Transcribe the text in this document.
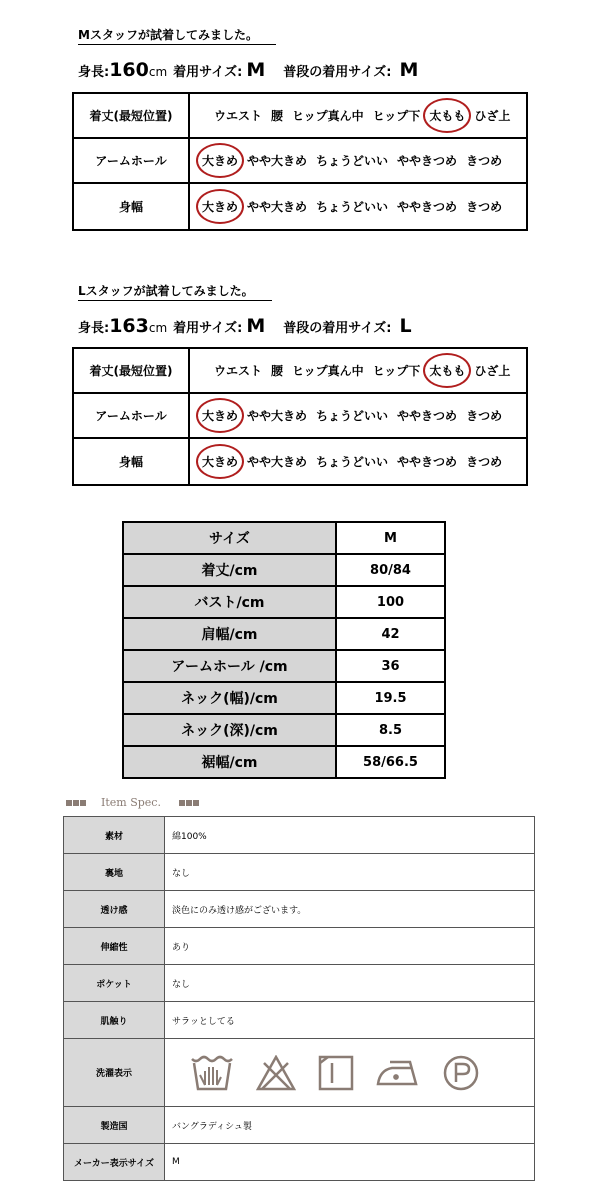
Mスタッフが試着してみました。
身長:160cm 着用サイズ: M 普段の着用サイズ: M
着丈(最短位置)	ウエスト 腰 ヒップ真ん中 ヒップ下 太もも ひざ上
アームホール	大きめ やや大きめ ちょうどいい ややきつめ きつめ
身幅	大きめ やや大きめ ちょうどいい ややきつめ きつめ
Lスタッフが試着してみました。
身長:163cm 着用サイズ: M 普段の着用サイズ: L
着丈(最短位置)	ウエスト 腰 ヒップ真ん中 ヒップ下 太もも ひざ上
アームホール	大きめ やや大きめ ちょうどいい ややきつめ きつめ
身幅	大きめ やや大きめ ちょうどいい ややきつめ きつめ
サイズ	M
着丈/cm	80/84
バスト/cm	100
肩幅/cm	42
アームホール /cm	36
ネック(幅)/cm	19.5
ネック(深)/cm	8.5
裾幅/cm	58/66.5
Item Spec.
素材	綿100%
裏地	なし
透け感	淡色にのみ透け感がございます。
伸縮性	あり
ポケット	なし
肌触り	サラッとしてる
洗濯表示	

製造国	バングラディシュ製
メーカー表示サイズ	M
